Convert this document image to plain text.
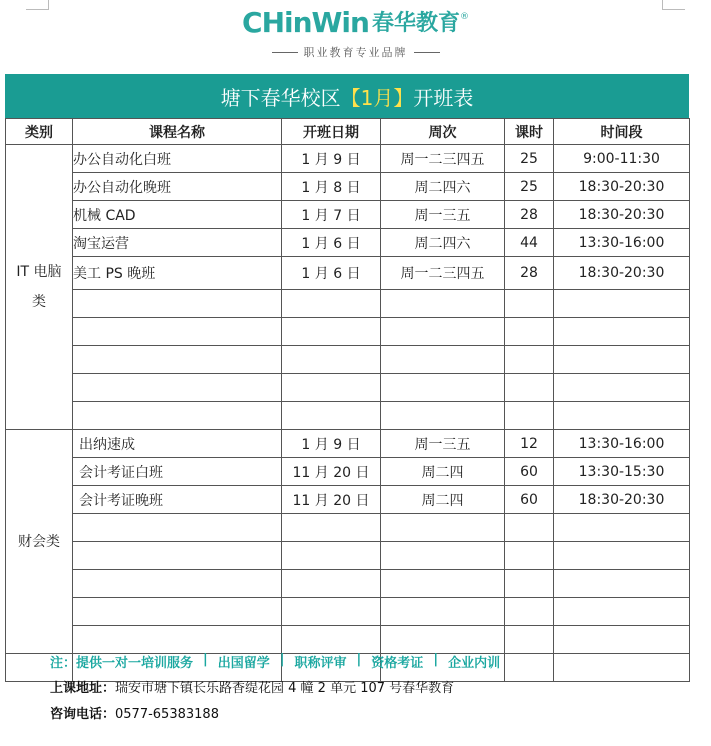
CHinWin 春华教育 ®
职业教育专业品牌
塘下春华校区 【1月】 开班表
类别	课程名称	开班日期	周次	课时	时间段

IT 电脑类	办公自动化白班	1 月 9 日	周一二三四五	25	9:00-11:30
	办公自动化晚班	1 月 8 日	周二四六	25	18:30-20:30
	机械 CAD	1 月 7 日	周一三五	28	18:30-20:30
	淘宝运营	1 月 6 日	周二四六	44	13:30-16:00
	美工 PS 晚班	1 月 6 日	周一二三四五	28	18:30-20:30

财会类	出纳速成	1 月 9 日	周一三五	12	13:30-16:00
	会计考证白班	11 月 20 日	周二四	60	13:30-15:30
	会计考证晚班	11 月 20 日	周二四	60	18:30-20:30

注：提供一对一培训服务 | 出国留学 | 职称评审 | 资格考证 | 企业内训
上课地址：瑞安市塘下镇长乐路香缇花园 4 幢 2 单元 107 号春华教育
咨询电话：0577-65383188
